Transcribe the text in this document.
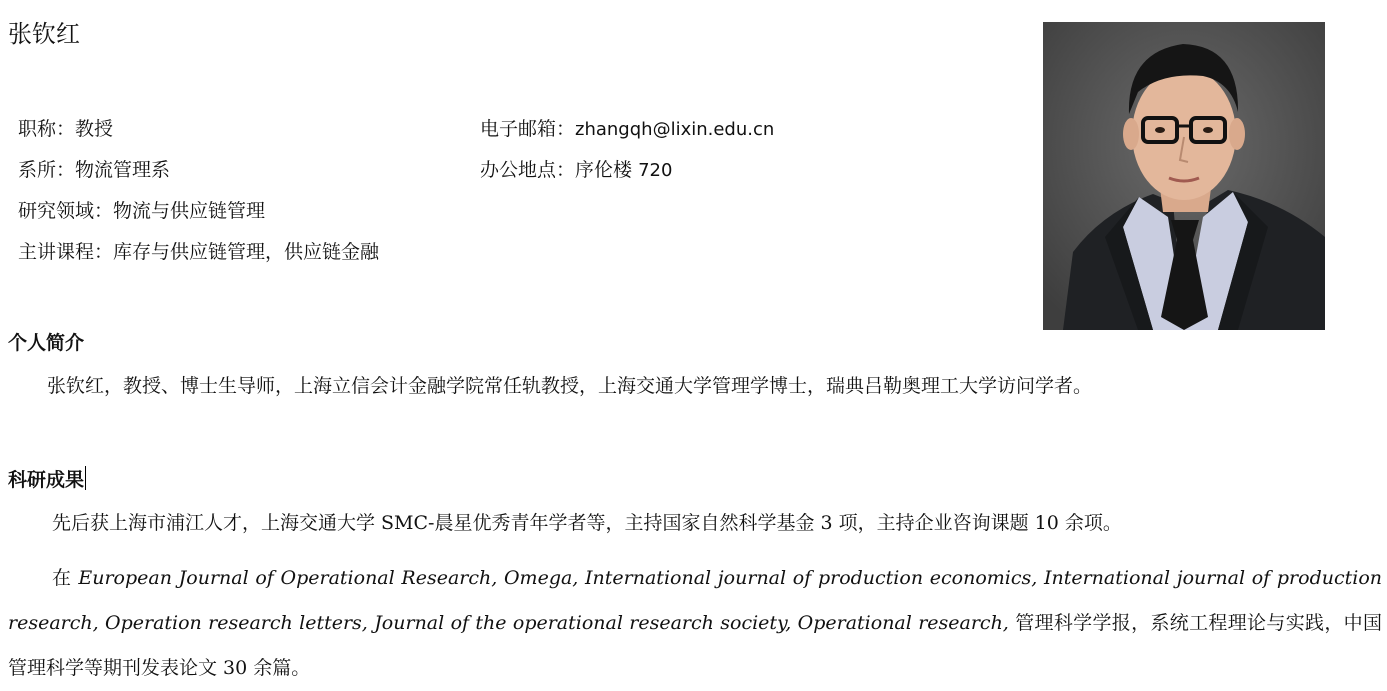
张钦红
职称：教授
系所：物流管理系
研究领域：物流与供应链管理
主讲课程：库存与供应链管理，供应链金融
电子邮箱：zhangqh@lixin.edu.cn
办公地点：序伦楼 720
个人简介

张钦红，教授、博士生导师，上海立信会计金融学院常任轨教授，上海交通大学管理学博士，瑞典吕勒奥理工大学访问学者。

科研成果

先后获上海市浦江人才，上海交通大学 SMC-晨星优秀青年学者等，主持国家自然科学基金 3 项，主持企业咨询课题 10 余项。

在 European Journal of Operational Research, Omega, International journal of production economics, International journal of production research, Operation research letters, Journal of the operational research society, Operational research, 管理科学学报，系统工程理论与实践，中国管理科学等期刊发表论文 30 余篇。
